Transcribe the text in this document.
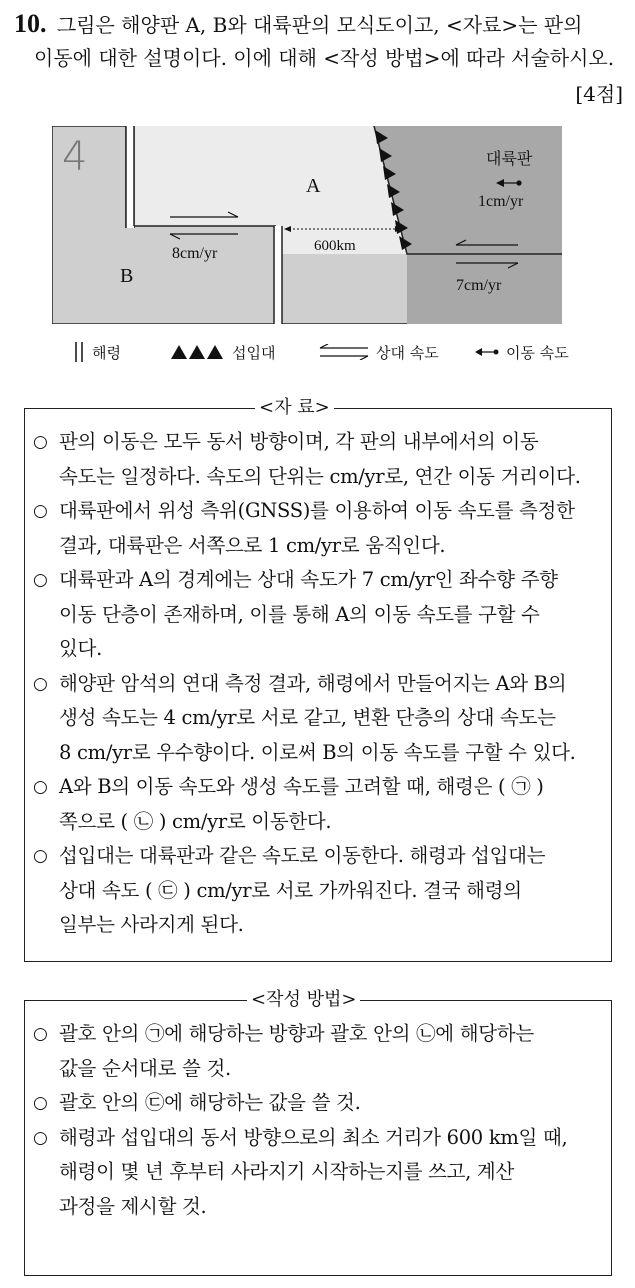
10. 그림은 해양판 A, B와 대륙판의 모식도이고, <자료>는 판의
이동에 대한 설명이다. 이에 대해 <작성 방법>에 따라 서술하시오.
[4점]
4
A
B
대륙판
1cm/yr
8cm/yr	600km
7cm/yr
해령	섭입대	상대 속도	이동 속도
<자 료>
○ 판의 이동은 모두 동서 방향이며, 각 판의 내부에서의 이동
속도는 일정하다. 속도의 단위는 cm/yr로, 연간 이동 거리이다.
○ 대륙판에서 위성 측위(GNSS)를 이용하여 이동 속도를 측정한
결과, 대륙판은 서쪽으로 1 cm/yr로 움직인다.
○ 대륙판과 A의 경계에는 상대 속도가 7 cm/yr인 좌수향 주향
이동 단층이 존재하며, 이를 통해 A의 이동 속도를 구할 수
있다.
○ 해양판 암석의 연대 측정 결과, 해령에서 만들어지는 A와 B의
생성 속도는 4 cm/yr로 서로 같고, 변환 단층의 상대 속도는
8 cm/yr로 우수향이다. 이로써 B의 이동 속도를 구할 수 있다.
○ A와 B의 이동 속도와 생성 속도를 고려할 때, 해령은 ( ㉠ )
쪽으로 ( ㉡ ) cm/yr로 이동한다.
○ 섭입대는 대륙판과 같은 속도로 이동한다. 해령과 섭입대는
상대 속도 ( ㉢ ) cm/yr로 서로 가까워진다. 결국 해령의
일부는 사라지게 된다.
<작성 방법>
○ 괄호 안의 ㉠에 해당하는 방향과 괄호 안의 ㉡에 해당하는
값을 순서대로 쓸 것.
○ 괄호 안의 ㉢에 해당하는 값을 쓸 것.
○ 해령과 섭입대의 동서 방향으로의 최소 거리가 600 km일 때,
해령이 몇 년 후부터 사라지기 시작하는지를 쓰고, 계산
과정을 제시할 것.
